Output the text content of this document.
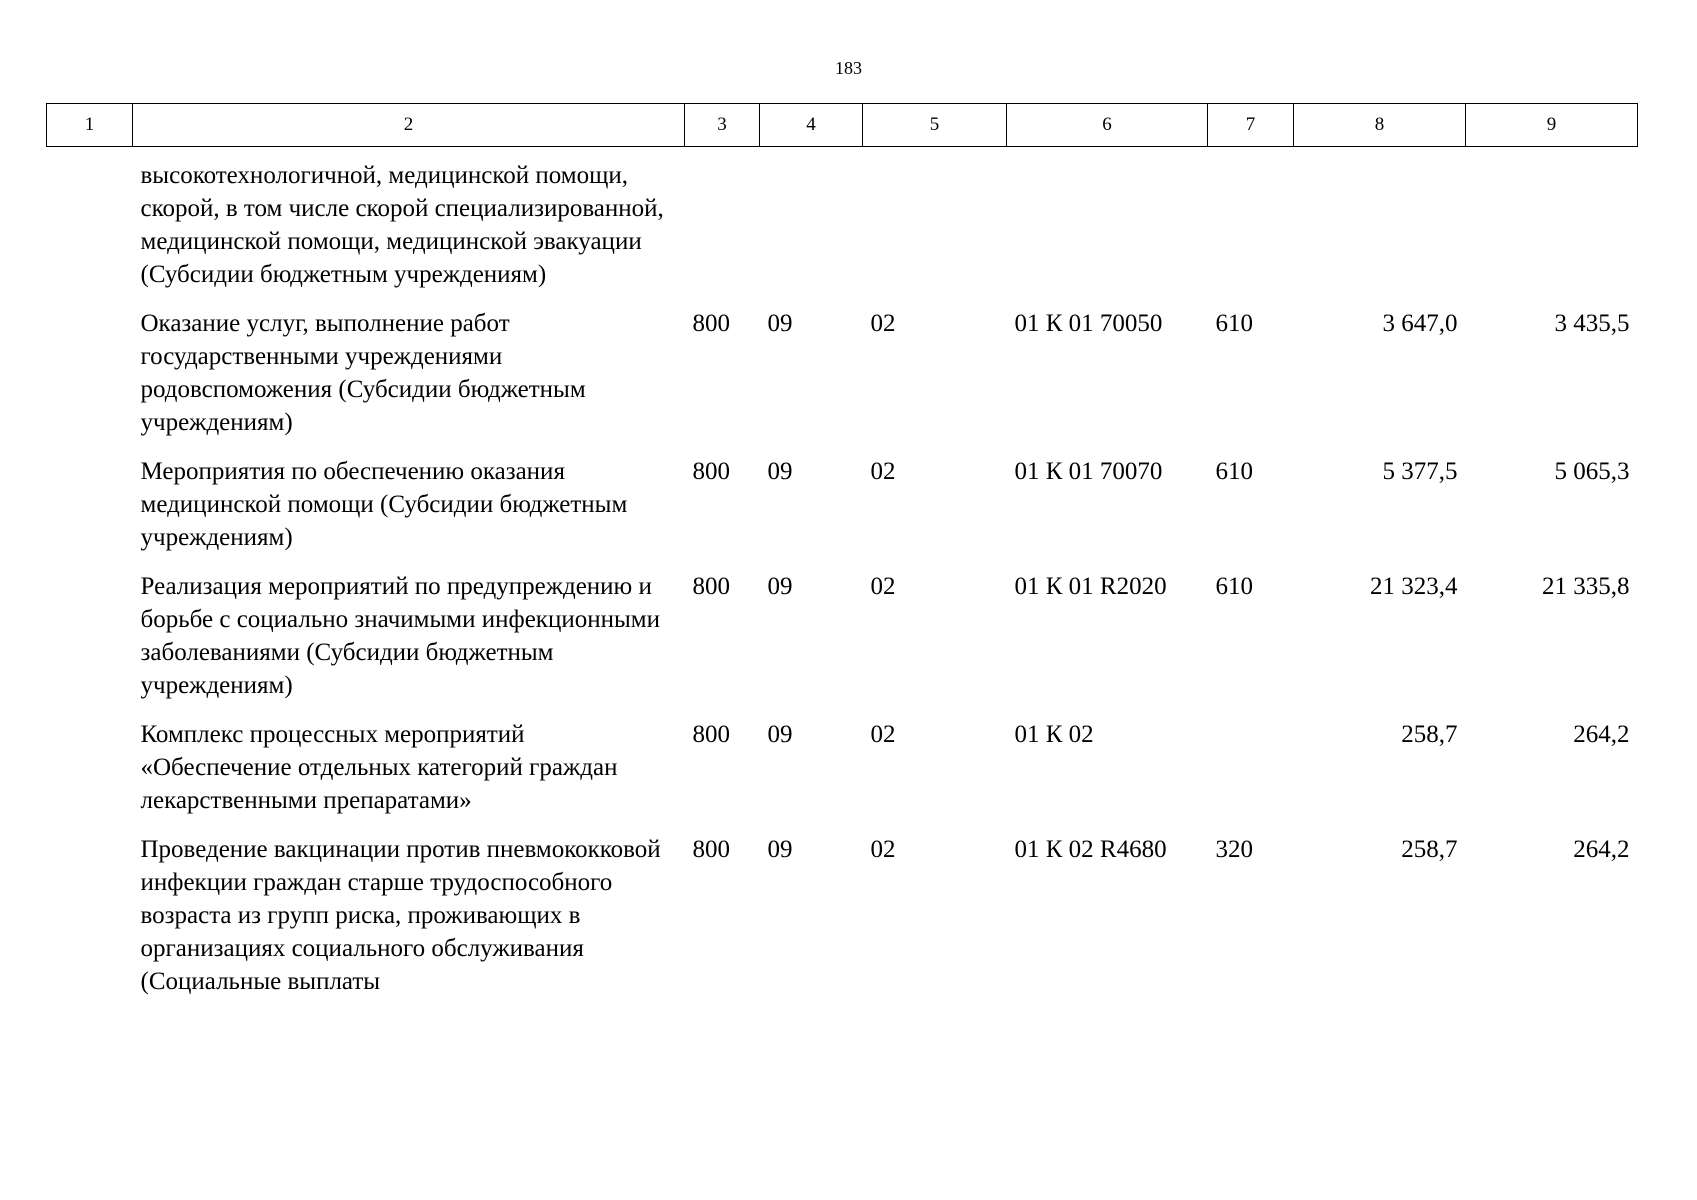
183
1	2	3	4	5	6	7	8	9
	высокотехнологичной, медицинской помощи, скорой, в том числе скорой специализированной, медицинской помощи, медицинской эвакуации (Субсидии бюджетным учреждениям)							
	Оказание услуг, выполнение работ государственными учреждениями родовспоможения (Субсидии бюджетным учреждениям)	800	09	02	01 К 01 70050	610	3 647,0	3 435,5
	Мероприятия по обеспечению оказания медицинской помощи (Субсидии бюджетным учреждениям)	800	09	02	01 К 01 70070	610	5 377,5	5 065,3
	Реализация мероприятий по предупреждению и борьбе с социально значимыми инфекционными заболеваниями (Субсидии бюджетным учреждениям)	800	09	02	01 К 01 R2020	610	21 323,4	21 335,8
	Комплекс процессных мероприятий «Обеспечение отдельных категорий граждан лекарственными препаратами»	800	09	02	01 К 02		258,7	264,2
	Проведение вакцинации против пневмококковой инфекции граждан старше трудоспособного возраста из групп риска, проживающих в организациях социального обслуживания (Социальные выплаты	800	09	02	01 К 02 R4680	320	258,7	264,2
